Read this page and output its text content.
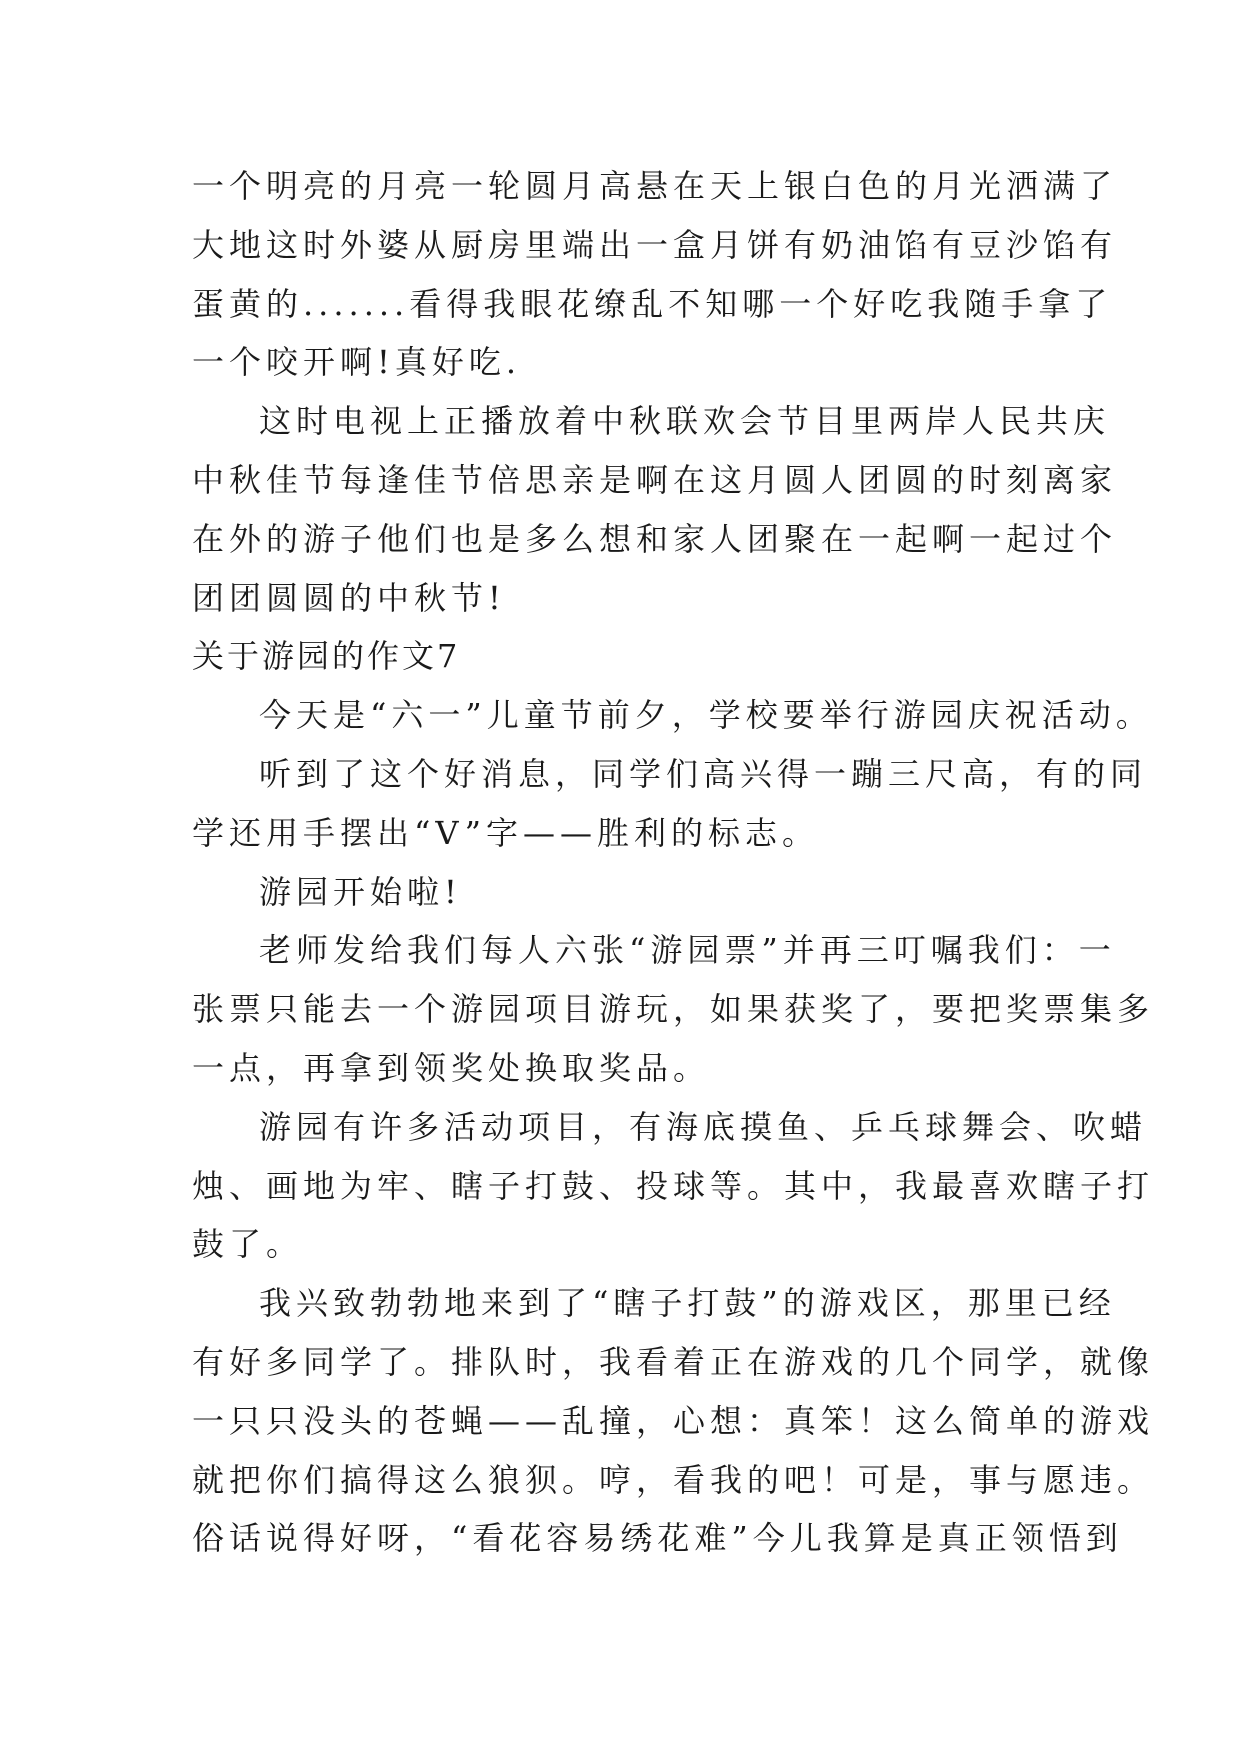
一个明亮的月亮一轮圆月高悬在天上银白色的月光洒满了
大地这时外婆从厨房里端出一盒月饼有奶油馅有豆沙馅有
蛋黄的.......看得我眼花缭乱不知哪一个好吃我随手拿了
一个咬开啊!真好吃.
这时电视上正播放着中秋联欢会节目里两岸人民共庆
中秋佳节每逢佳节倍思亲是啊在这月圆人团圆的时刻离家
在外的游子他们也是多么想和家人团聚在一起啊一起过个
团团圆圆的中秋节!
关于游园的作文7
今天是“六一”儿童节前夕，学校要举行游园庆祝活动。
听到了这个好消息，同学们高兴得一蹦三尺高，有的同
学还用手摆出“V”字——胜利的标志。
游园开始啦!
老师发给我们每人六张“游园票”并再三叮嘱我们：一
张票只能去一个游园项目游玩，如果获奖了，要把奖票集多
一点，再拿到领奖处换取奖品。
游园有许多活动项目，有海底摸鱼、乒乓球舞会、吹蜡
烛、画地为牢、瞎子打鼓、投球等。其中，我最喜欢瞎子打
鼓了。
我兴致勃勃地来到了“瞎子打鼓”的游戏区，那里已经
有好多同学了。排队时，我看着正在游戏的几个同学，就像
一只只没头的苍蝇——乱撞，心想：真笨！这么简单的游戏
就把你们搞得这么狼狈。哼，看我的吧！可是，事与愿违。
俗话说得好呀，“看花容易绣花难”今儿我算是真正领悟到
